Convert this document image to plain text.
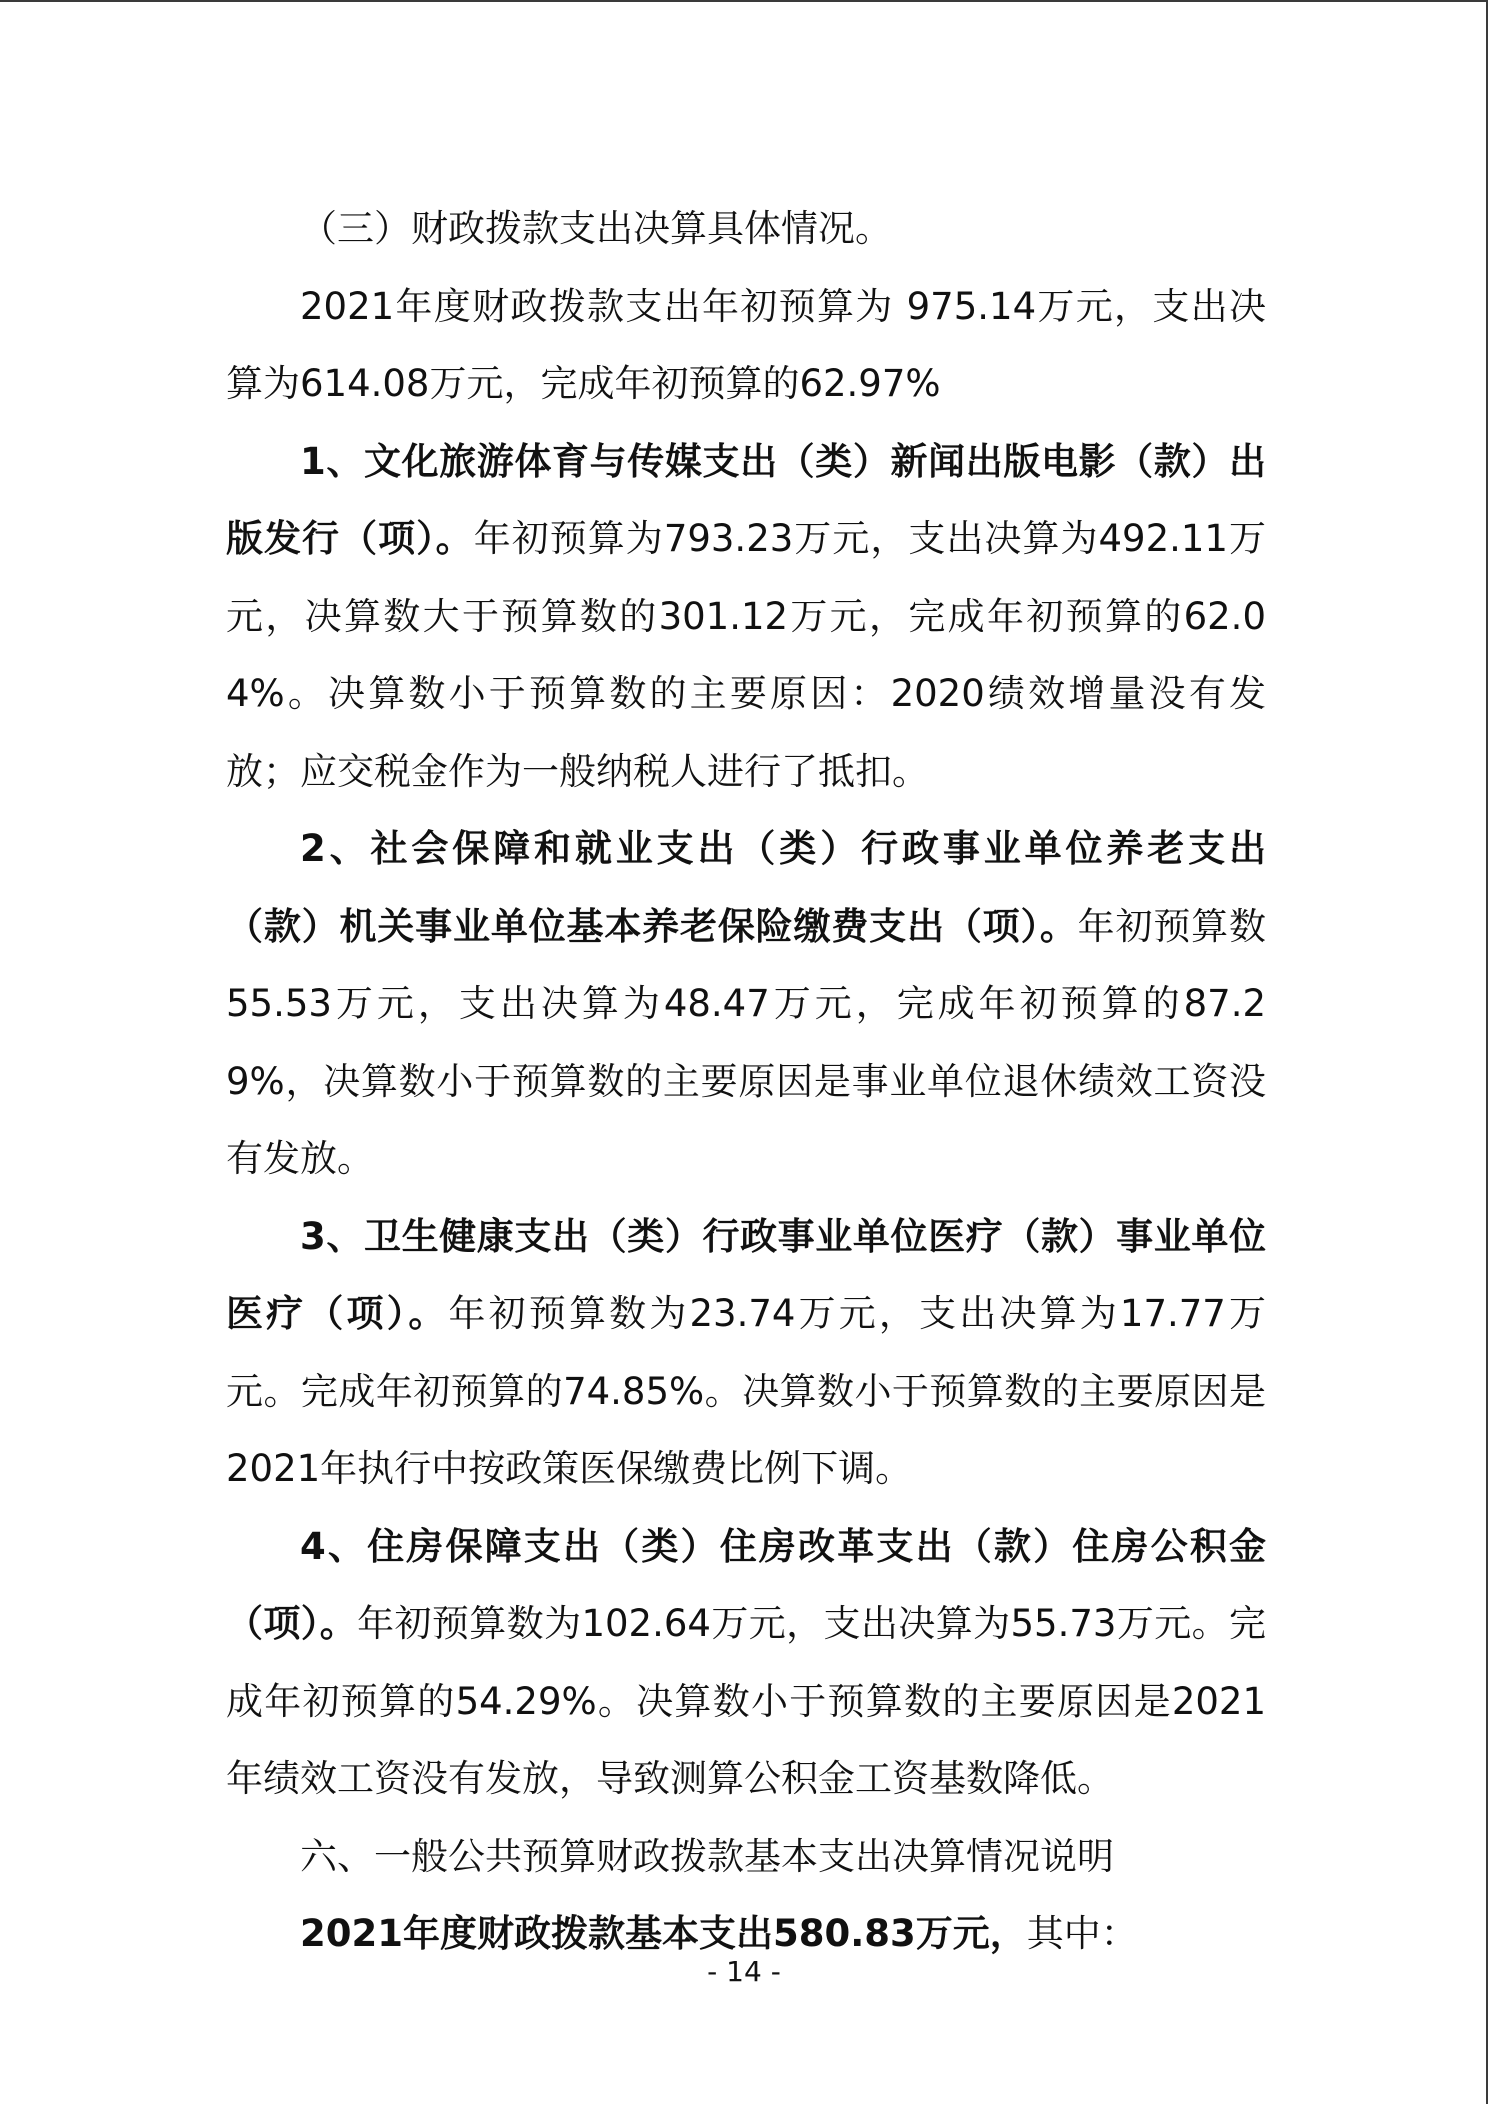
（三）财政拨款支出决算具体情况。

2021年度财政拨款支出年初预算为 975.14万元，支出决算为614.08万元，完成年初预算的62.97%

1、文化旅游体育与传媒支出（类）新闻出版电影（款）出版发行（项）。年初预算为793.23万元，支出决算为492.11万元，决算数大于预算数的301.12万元，完成年初预算的62.04%。决算数小于预算数的主要原因：2020绩效增量没有发放；应交税金作为一般纳税人进行了抵扣。

2、社会保障和就业支出（类）行政事业单位养老支出（款）机关事业单位基本养老保险缴费支出（项）。年初预算数55.53万元，支出决算为48.47万元，完成年初预算的87.29%，决算数小于预算数的主要原因是事业单位退休绩效工资没有发放。

3、卫生健康支出（类）行政事业单位医疗（款）事业单位医疗（项）。年初预算数为23.74万元，支出决算为17.77万元。完成年初预算的74.85%。决算数小于预算数的主要原因是2021年执行中按政策医保缴费比例下调。

4、住房保障支出（类）住房改革支出（款）住房公积金（项）。年初预算数为102.64万元，支出决算为55.73万元。完成年初预算的54.29%。决算数小于预算数的主要原因是2021年绩效工资没有发放，导致测算公积金工资基数降低。

六、一般公共预算财政拨款基本支出决算情况说明

2021年度财政拨款基本支出580.83万元，其中：

- 14 -
